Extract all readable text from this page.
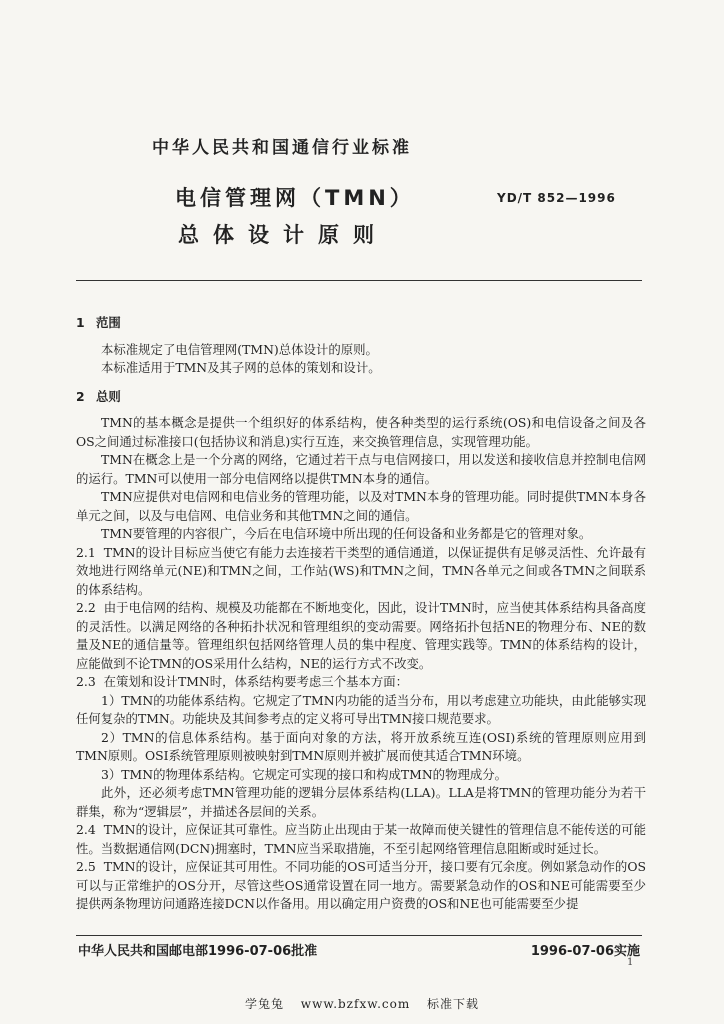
中华人民共和国通信行业标准
电信管理网（TMN）
总体设计原则
YD/T 852—1996
1 范围

本标准规定了电信管理网(TMN)总体设计的原则。

本标准适用于TMN及其子网的总体的策划和设计。

2 总则

TMN的基本概念是提供一个组织好的体系结构，使各种类型的运行系统(OS)和电信设备之间及各OS之间通过标准接口(包括协议和消息)实行互连，来交换管理信息，实现管理功能。

TMN在概念上是一个分离的网络，它通过若干点与电信网接口，用以发送和接收信息并控制电信网的运行。TMN可以使用一部分电信网络以提供TMN本身的通信。

TMN应提供对电信网和电信业务的管理功能，以及对TMN本身的管理功能。同时提供TMN本身各单元之间，以及与电信网、电信业务和其他TMN之间的通信。

TMN要管理的内容很广，今后在电信环境中所出现的任何设备和业务都是它的管理对象。

2.1 TMN的设计目标应当使它有能力去连接若干类型的通信通道，以保证提供有足够灵活性、允许最有效地进行网络单元(NE)和TMN之间，工作站(WS)和TMN之间，TMN各单元之间或各TMN之间联系的体系结构。

2.2 由于电信网的结构、规模及功能都在不断地变化，因此，设计TMN时，应当使其体系结构具备高度的灵活性。以满足网络的各种拓扑状况和管理组织的变动需要。网络拓扑包括NE的物理分布、NE的数量及NE的通信量等。管理组织包括网络管理人员的集中程度、管理实践等。TMN的体系结构的设计，应能做到不论TMN的OS采用什么结构，NE的运行方式不改变。

2.3 在策划和设计TMN时，体系结构要考虑三个基本方面：

1）TMN的功能体系结构。它规定了TMN内功能的适当分布，用以考虑建立功能块，由此能够实现任何复杂的TMN。功能块及其间参考点的定义将可导出TMN接口规范要求。

2）TMN的信息体系结构。基于面向对象的方法，将开放系统互连(OSI)系统的管理原则应用到TMN原则。OSI系统管理原则被映射到TMN原则并被扩展而使其适合TMN环境。

3）TMN的物理体系结构。它规定可实现的接口和构成TMN的物理成分。

此外，还必须考虑TMN管理功能的逻辑分层体系结构(LLA)。LLA是将TMN的管理功能分为若干群集，称为“逻辑层”，并描述各层间的关系。

2.4 TMN的设计，应保证其可靠性。应当防止出现由于某一故障而使关键性的管理信息不能传送的可能性。当数据通信网(DCN)拥塞时，TMN应当采取措施，不至引起网络管理信息阻断或时延过长。

2.5 TMN的设计，应保证其可用性。不同功能的OS可适当分开，接口要有冗余度。例如紧急动作的OS可以与正常维护的OS分开，尽管这些OS通常设置在同一地方。需要紧急动作的OS和NE可能需要至少提供两条物理访问通路连接DCN以作备用。用以确定用户资费的OS和NE也可能需要至少提

中华人民共和国邮电部1996-07-06批准	1996-07-06实施
1
学兔兔 www.bzfxw.com 标准下载
